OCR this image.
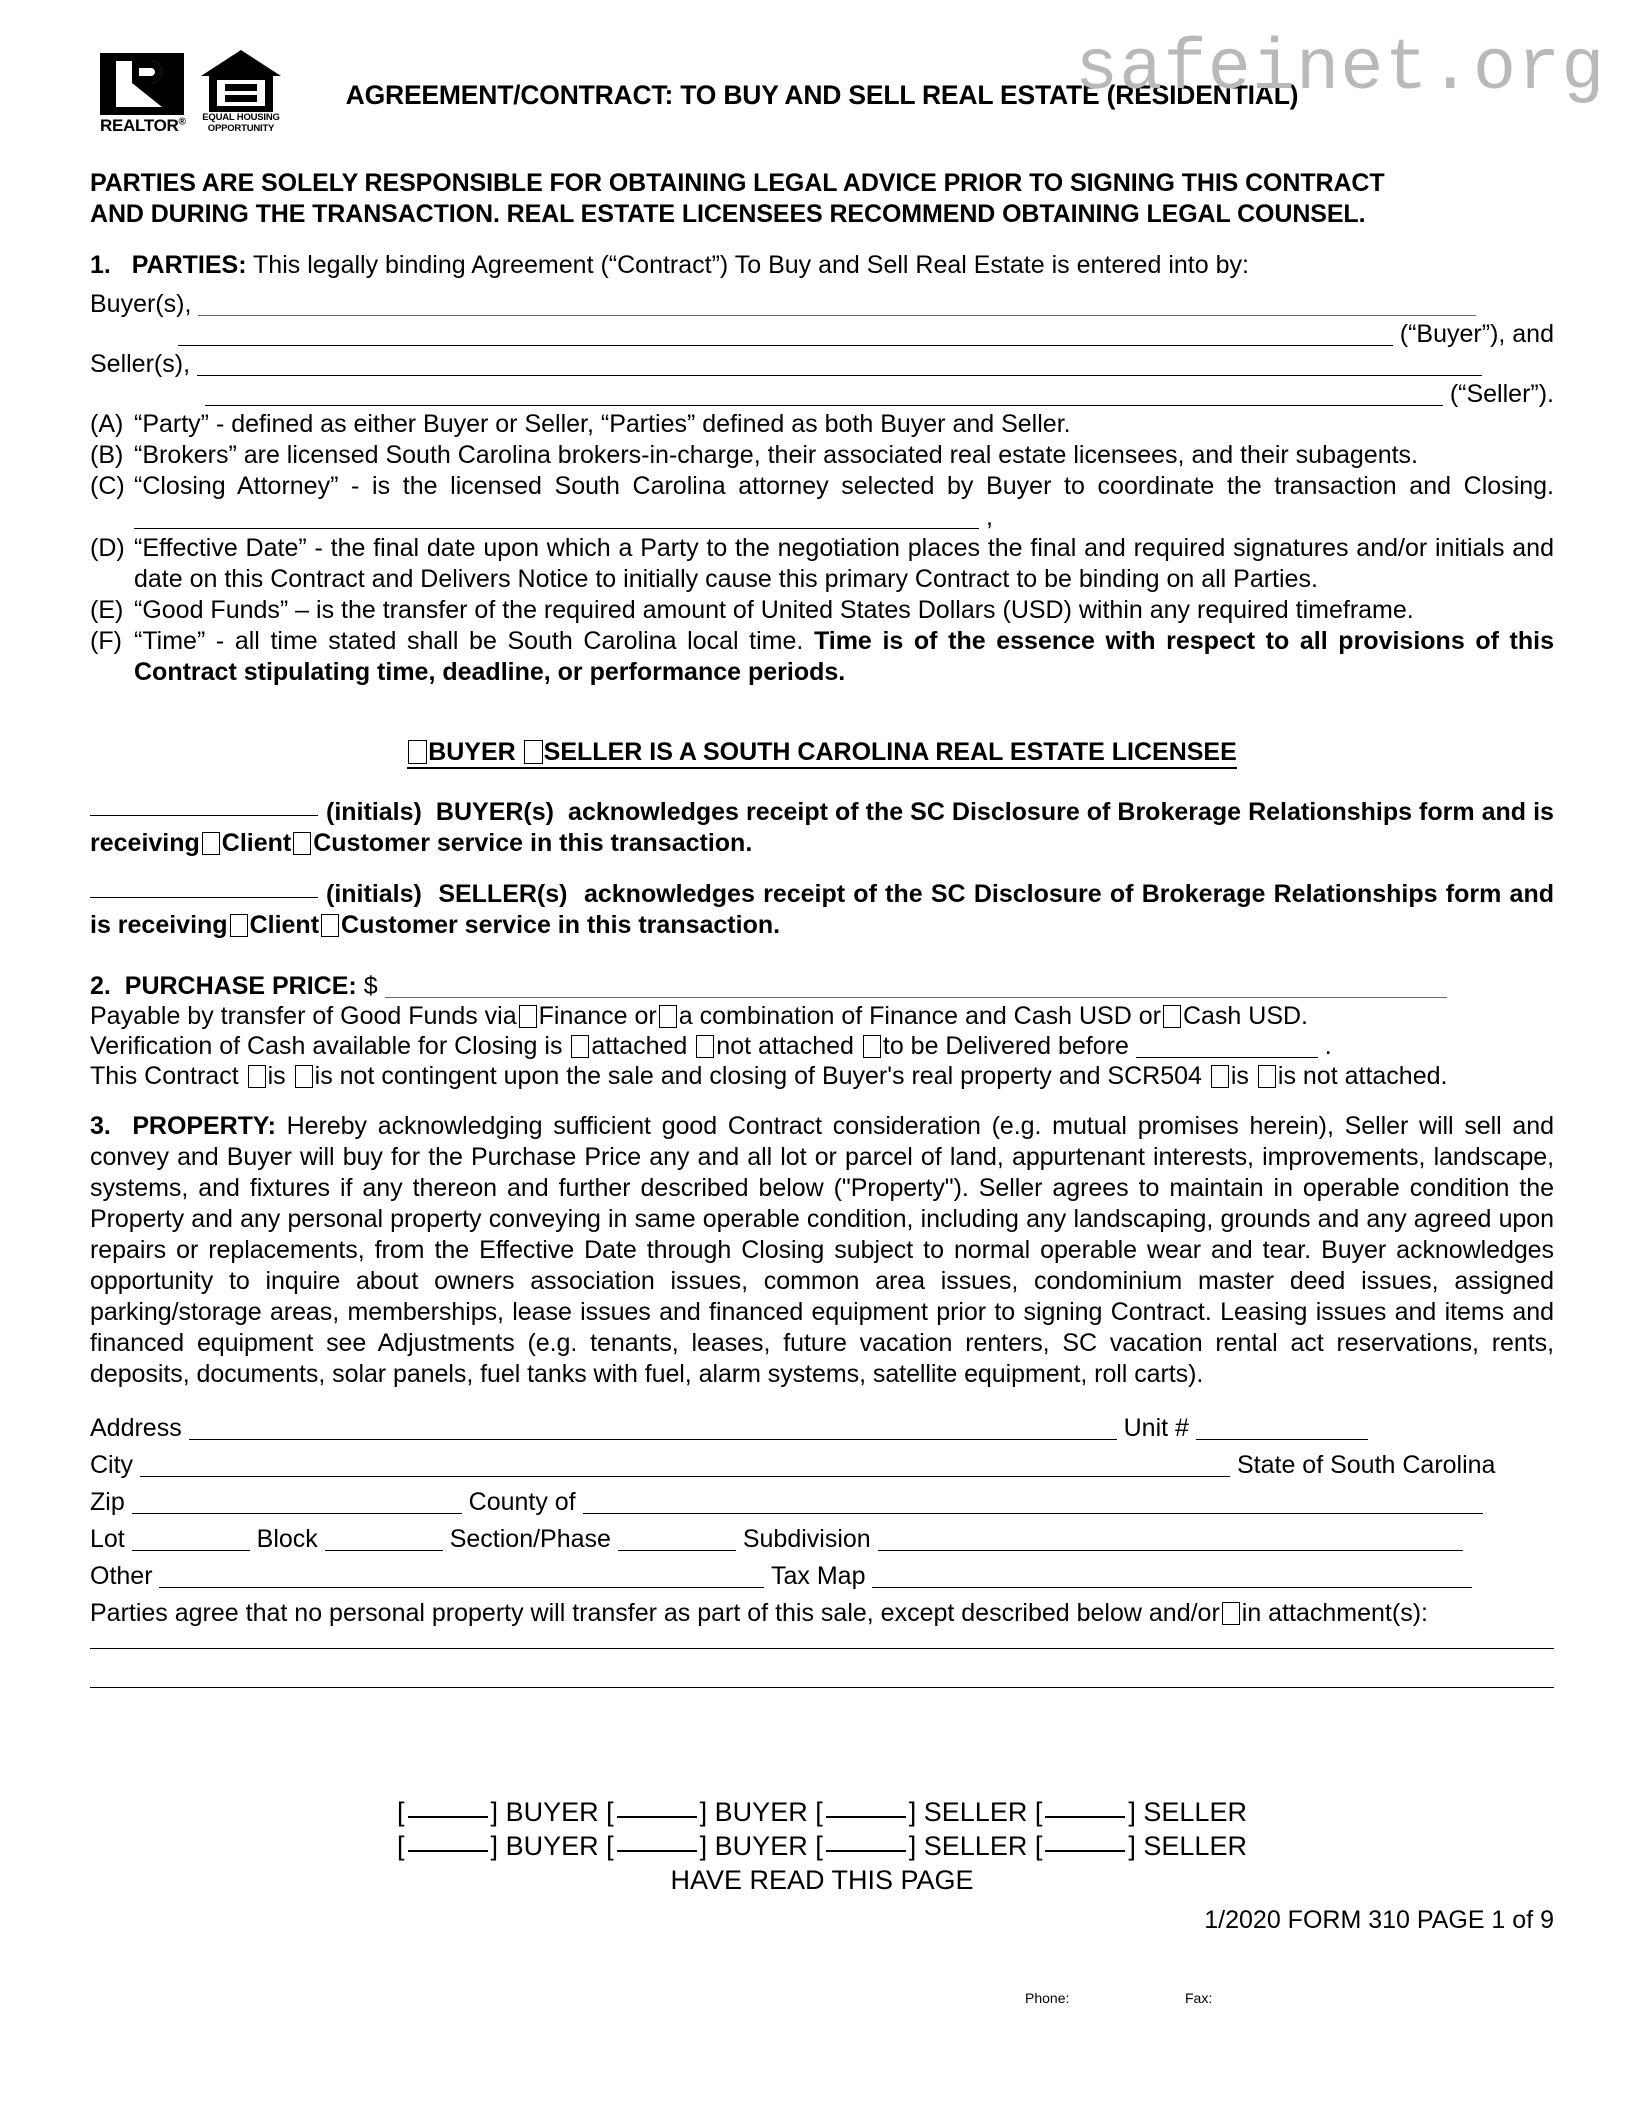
REALTOR®	EQUAL HOUSING
OPPORTUNITY
AGREEMENT/CONTRACT: TO BUY AND SELL REAL ESTATE (RESIDENTIAL)
safeinet.org
PARTIES ARE SOLELY RESPONSIBLE FOR OBTAINING LEGAL ADVICE PRIOR TO SIGNING THIS CONTRACT
AND DURING THE TRANSACTION. REAL ESTATE LICENSEES RECOMMEND OBTAINING LEGAL COUNSEL.
1. PARTIES: This legally binding Agreement (“Contract”) To Buy and Sell Real Estate is entered into by:
Buyer(s),
(“Buyer”), and
Seller(s),
(“Seller”).
(A) “Party” - defined as either Buyer or Seller, “Parties” defined as both Buyer and Seller.
(B) “Brokers” are licensed South Carolina brokers-in-charge, their associated real estate licensees, and their subagents.
(C) “Closing Attorney” - is the licensed South Carolina attorney selected by Buyer to coordinate the transaction and Closing.  ,
(D) “Effective Date” - the final date upon which a Party to the negotiation places the final and required signatures and/or initials and date on this Contract and Delivers Notice to initially cause this primary Contract to be binding on all Parties.
(E) “Good Funds” – is the transfer of the required amount of United States Dollars (USD) within any required timeframe.
(F) “Time” - all time stated shall be South Carolina local time. Time is of the essence with respect to all provisions of this Contract stipulating time, deadline, or performance periods.
BUYER SELLER IS A SOUTH CAROLINA REAL ESTATE LICENSEE
(initials) BUYER(s) acknowledges receipt of the SC Disclosure of Brokerage Relationships form and is receiving Client Customer service in this transaction.
(initials) SELLER(s) acknowledges receipt of the SC Disclosure of Brokerage Relationships form and is receiving Client Customer service in this transaction.
2. PURCHASE PRICE: $
Payable by transfer of Good Funds via Finance or a combination of Finance and Cash USD or Cash USD.
Verification of Cash available for Closing is attached not attached to be Delivered before	.
This Contract is is not contingent upon the sale and closing of Buyer's real property and SCR504 is is not attached.
3. PROPERTY: Hereby acknowledging sufficient good Contract consideration (e.g. mutual promises herein), Seller will sell and convey and Buyer will buy for the Purchase Price any and all lot or parcel of land, appurtenant interests, improvements, landscape, systems, and fixtures if any thereon and further described below ("Property"). Seller agrees to maintain in operable condition the Property and any personal property conveying in same operable condition, including any landscaping, grounds and any agreed upon repairs or replacements, from the Effective Date through Closing subject to normal operable wear and tear. Buyer acknowledges opportunity to inquire about owners association issues, common area issues, condominium master deed issues, assigned parking/storage areas, memberships, lease issues and financed equipment prior to signing Contract. Leasing issues and items and financed equipment see Adjustments (e.g. tenants, leases, future vacation renters, SC vacation rental act reservations, rents, deposits, documents, solar panels, fuel tanks with fuel, alarm systems, satellite equipment, roll carts).
Address	Unit #
City	State of South Carolina
Zip	County of
Lot	Block	Section/Phase	Subdivision
Other	Tax Map
Parties agree that no personal property will transfer as part of this sale, except described below and/or in attachment(s):
[	] BUYER [	] BUYER [	] SELLER [	] SELLER
[	] BUYER [	] BUYER [	] SELLER [	] SELLER
HAVE READ THIS PAGE
1/2020 FORM 310 PAGE 1 of 9
Phone:	Fax:
